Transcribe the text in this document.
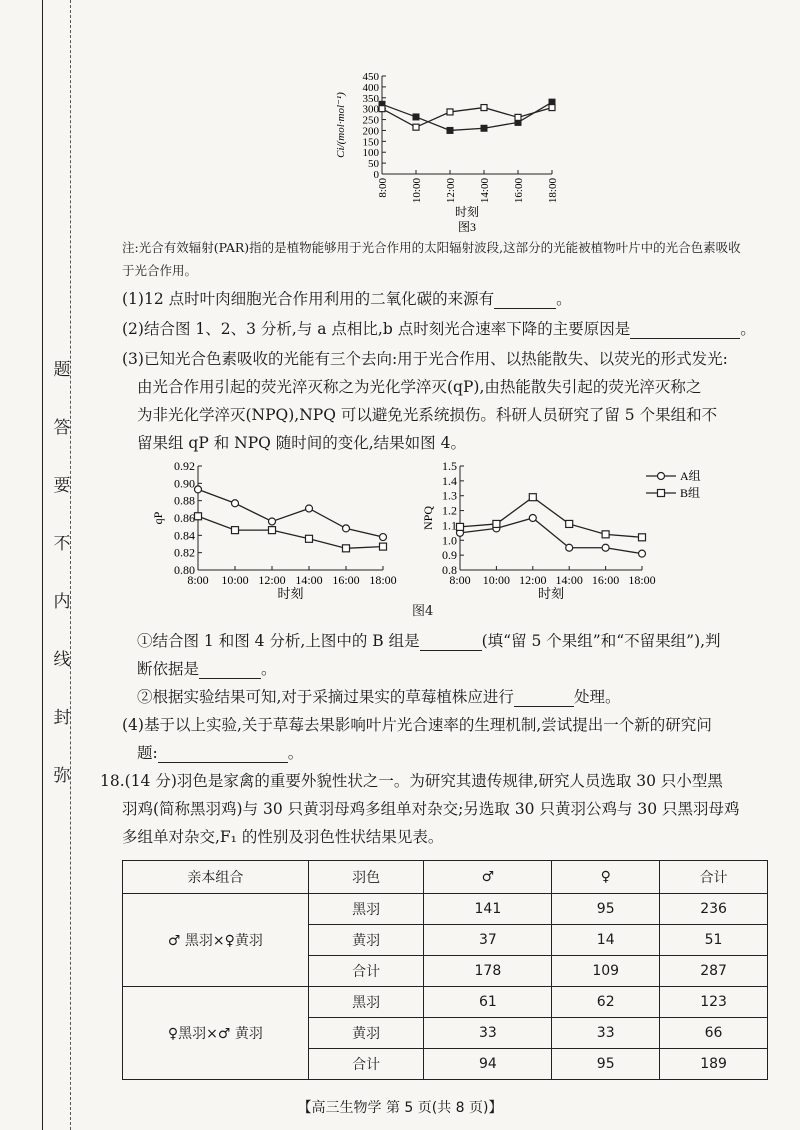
题
答
要
不
内
线
封
弥
0
50
100
150
200
250
300
350
400
450
8:00 10:00 12:00 14:00 16:00 18:00
Ci/(mol·mol⁻¹)
时刻
图3
注:光合有效辐射(PAR)指的是植物能够用于光合作用的太阳辐射波段,这部分的光能被植物叶片中的光合色素吸收
于光合作用。
(1)12 点时叶肉细胞光合作用利用的二氧化碳的来源有	。
(2)结合图 1、2、3 分析,与 a 点相比,b 点时刻光合速率下降的主要原因是	。
(3)已知光合色素吸收的光能有三个去向:用于光合作用、以热能散失、以荧光的形式发光:
由光合作用引起的荧光淬灭称之为光化学淬灭(qP),由热能散失引起的荧光淬灭称之
为非光化学淬灭(NPQ),NPQ 可以避免光系统损伤。科研人员研究了留 5 个果组和不
留果组 qP 和 NPQ 随时间的变化,结果如图 4。
0.80
0.82
0.84
0.86
0.88
0.90
0.92
8:00 10:00 12:00 14:00 16:00 18:00
qP
时刻
0.8
0.9
1.0
1.1
1.2
1.3
1.4
1.5
8:00 10:00 12:00 14:00 16:00 18:00
NPQ
时刻
A组
B组
图4
①结合图 1 和图 4 分析,上图中的 B 组是	(填“留 5 个果组”和“不留果组”),判
断依据是	。
②根据实验结果可知,对于采摘过果实的草莓植株应进行	处理。
(4)基于以上实验,关于草莓去果影响叶片光合速率的生理机制,尝试提出一个新的研究问
题:	。
18.(14 分)羽色是家禽的重要外貌性状之一。为研究其遗传规律,研究人员选取 30 只小型黑
羽鸡(简称黑羽鸡)与 30 只黄羽母鸡多组单对杂交;另选取 30 只黄羽公鸡与 30 只黑羽母鸡
多组单对杂交,F₁ 的性别及羽色性状结果见表。
亲本组合	羽色	♂	♀	合计
♂ 黑羽×♀黄羽	黑羽	141	95	236
	黄羽	37	14	51
	合计	178	109	287
♀黑羽×♂ 黄羽	黑羽	61	62	123
	黄羽	33	33	66
	合计	94	95	189
【高三生物学 第 5 页(共 8 页)】
